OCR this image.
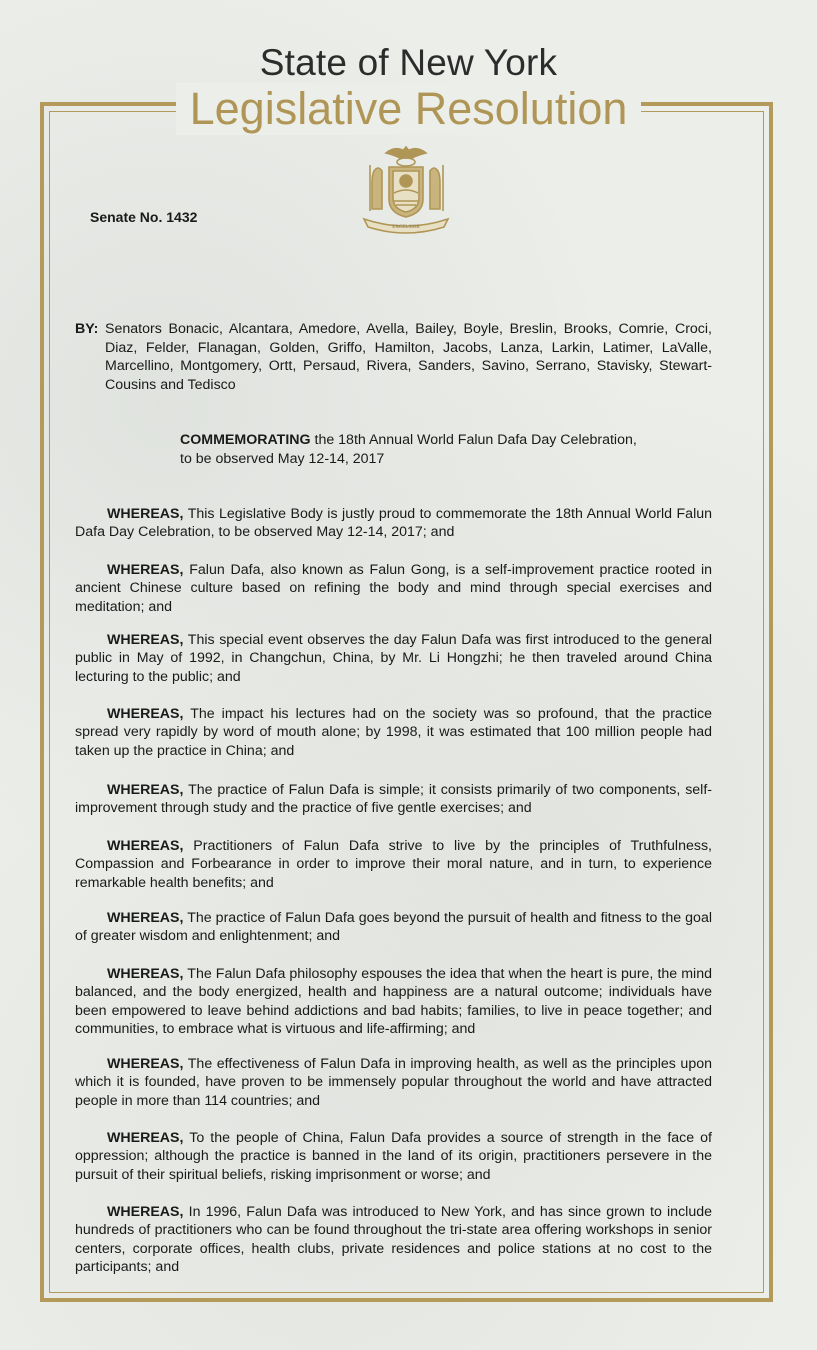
State of New York
Legislative Resolution
EXCELSIOR
Senate No. 1432
BY: Senators Bonacic, Alcantara, Amedore, Avella, Bailey, Boyle, Breslin, Brooks, Comrie, Croci, Diaz, Felder, Flanagan, Golden, Griffo, Hamilton, Jacobs, Lanza, Larkin, Latimer, LaValle, Marcellino, Montgomery, Ortt, Persaud, Rivera, Sanders, Savino, Serrano, Stavisky, Stewart-Cousins and Tedisco
COMMEMORATING the 18th Annual World Falun Dafa Day Celebration, to be observed May 12-14, 2017

WHEREAS, This Legislative Body is justly proud to commemorate the 18th Annual World Falun Dafa Day Celebration, to be observed May 12-14, 2017; and

WHEREAS, Falun Dafa, also known as Falun Gong, is a self-improvement practice rooted in ancient Chinese culture based on refining the body and mind through special exercises and meditation; and

WHEREAS, This special event observes the day Falun Dafa was first introduced to the general public in May of 1992, in Changchun, China, by Mr. Li Hongzhi; he then traveled around China lecturing to the public; and

WHEREAS, The impact his lectures had on the society was so profound, that the practice spread very rapidly by word of mouth alone; by 1998, it was estimated that 100 million people had taken up the practice in China; and

WHEREAS, The practice of Falun Dafa is simple; it consists primarily of two components, self-improvement through study and the practice of five gentle exercises; and

WHEREAS, Practitioners of Falun Dafa strive to live by the principles of Truthfulness, Compassion and Forbearance in order to improve their moral nature, and in turn, to experience remarkable health benefits; and

WHEREAS, The practice of Falun Dafa goes beyond the pursuit of health and fitness to the goal of greater wisdom and enlightenment; and

WHEREAS, The Falun Dafa philosophy espouses the idea that when the heart is pure, the mind balanced, and the body energized, health and happiness are a natural outcome; individuals have been empowered to leave behind addictions and bad habits; families, to live in peace together; and communities, to embrace what is virtuous and life-affirming; and

WHEREAS, The effectiveness of Falun Dafa in improving health, as well as the principles upon which it is founded, have proven to be immensely popular throughout the world and have attracted people in more than 114 countries; and

WHEREAS, To the people of China, Falun Dafa provides a source of strength in the face of oppression; although the practice is banned in the land of its origin, practitioners persevere in the pursuit of their spiritual beliefs, risking imprisonment or worse; and

WHEREAS, In 1996, Falun Dafa was introduced to New York, and has since grown to include hundreds of practitioners who can be found throughout the tri-state area offering workshops in senior centers, corporate offices, health clubs, private residences and police stations at no cost to the participants; and
